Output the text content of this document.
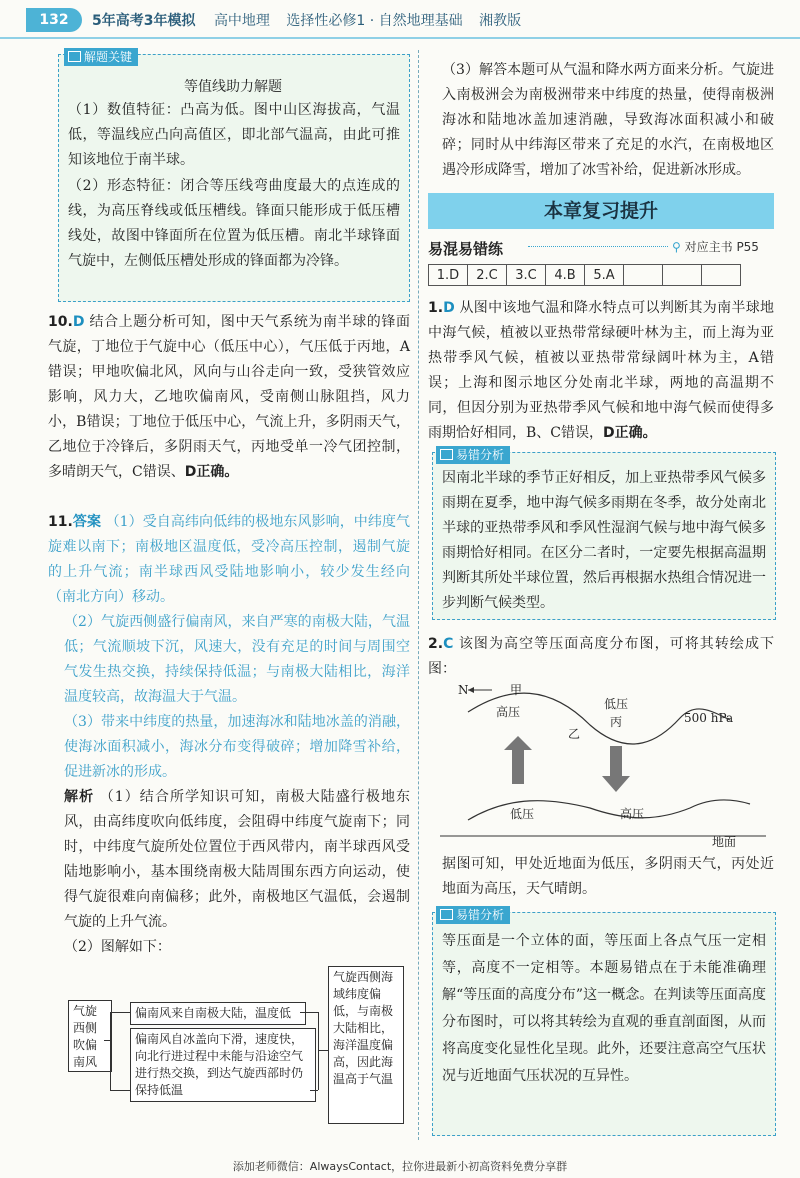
132	5年高考3年模拟 高中地理 选择性必修1 · 自然地理基础 湘教版
解题关键
等值线助力解题
（1）数值特征：凸高为低。图中山区海拔高，气温低，等温线应凸向高值区，即北部气温高，由此可推知该地位于南半球。
（2）形态特征：闭合等压线弯曲度最大的点连成的线，为高压脊线或低压槽线。锋面只能形成于低压槽线处，故图中锋面所在位置为低压槽。南北半球锋面气旋中，左侧低压槽处形成的锋面都为冷锋。
10.D 结合上题分析可知，图中天气系统为南半球的锋面气旋，丁地位于气旋中心（低压中心），气压低于丙地，A错误；甲地吹偏北风，风向与山谷走向一致，受狭管效应影响，风力大，乙地吹偏南风，受南侧山脉阻挡，风力小，B错误；丁地位于低压中心，气流上升，多阴雨天气，乙地位于冷锋后，多阴雨天气，丙地受单一冷气团控制，多晴朗天气，C错误、D正确。
11.答案 （1）受自高纬向低纬的极地东风影响，中纬度气旋难以南下；南极地区温度低，受冷高压控制，遏制气旋的上升气流；南半球西风受陆地影响小，较少发生经向（南北方向）移动。
（2）气旋西侧盛行偏南风，来自严寒的南极大陆，气温低；气流顺坡下沉，风速大，没有充足的时间与周围空气发生热交换，持续保持低温；与南极大陆相比，海洋温度较高，故海温大于气温。
（3）带来中纬度的热量，加速海冰和陆地冰盖的消融，使海冰面积减小，海冰分布变得破碎；增加降雪补给，促进新冰的形成。
解析 （1）结合所学知识可知，南极大陆盛行极地东风，由高纬度吹向低纬度，会阻碍中纬度气旋南下；同时，中纬度气旋所处位置位于西风带内，南半球西风受陆地影响小，基本围绕南极大陆周围东西方向运动，使得气旋很难向南偏移；此外，南极地区气温低，会遏制气旋的上升气流。
（2）图解如下：
气旋西侧吹偏南风
偏南风来自南极大陆，温度低
偏南风自冰盖向下滑，速度快，向北行进过程中未能与沿途空气进行热交换，到达气旋西部时仍保持低温
气旋西侧海域纬度偏低，与南极大陆相比，海洋温度偏高，因此海温高于气温
（3）解答本题可从气温和降水两方面来分析。气旋进入南极洲会为南极洲带来中纬度的热量，使得南极洲海冰和陆地冰盖加速消融，导致海冰面积减小和破碎；同时从中纬海区带来了充足的水汽，在南极地区遇冷形成降雪，增加了冰雪补给，促进新冰形成。
本章复习提升
易混易错练	⚲ 对应主书 P55
1.D	2.C	3.C	4.B	5.A			
1.D 从图中该地气温和降水特点可以判断其为南半球地中海气候，植被以亚热带常绿硬叶林为主，而上海为亚热带季风气候，植被以亚热带常绿阔叶林为主，A错误；上海和图示地区分处南北半球，两地的高温期不同，但因分别为亚热带季风气候和地中海气候而使得多雨期恰好相同，B、C错误，D正确。
易错分析
因南北半球的季节正好相反，加上亚热带季风气候多雨期在夏季，地中海气候多雨期在冬季，故分处南北半球的亚热带季风和季风性湿润气候与地中海气候多雨期恰好相同。在区分二者时，一定要先根据高温期判断其所处半球位置，然后再根据水热组合情况进一步判断气候类型。
2.C 该图为高空等压面高度分布图，可将其转绘成下图：
N	甲
高压
乙
低压
丙	500 hPa
低压	高压
地面
据图可知，甲处近地面为低压，多阴雨天气，丙处近地面为高压，天气晴朗。
易错分析
等压面是一个立体的面，等压面上各点气压一定相等，高度不一定相等。本题易错点在于未能准确理解“等压面的高度分布”这一概念。在判读等压面高度分布图时，可以将其转绘为直观的垂直剖面图，从而将高度变化显性化呈现。此外，还要注意高空气压状况与近地面气压状况的互异性。
添加老师微信：AlwaysContact，拉你进最新小初高资料免费分享群
